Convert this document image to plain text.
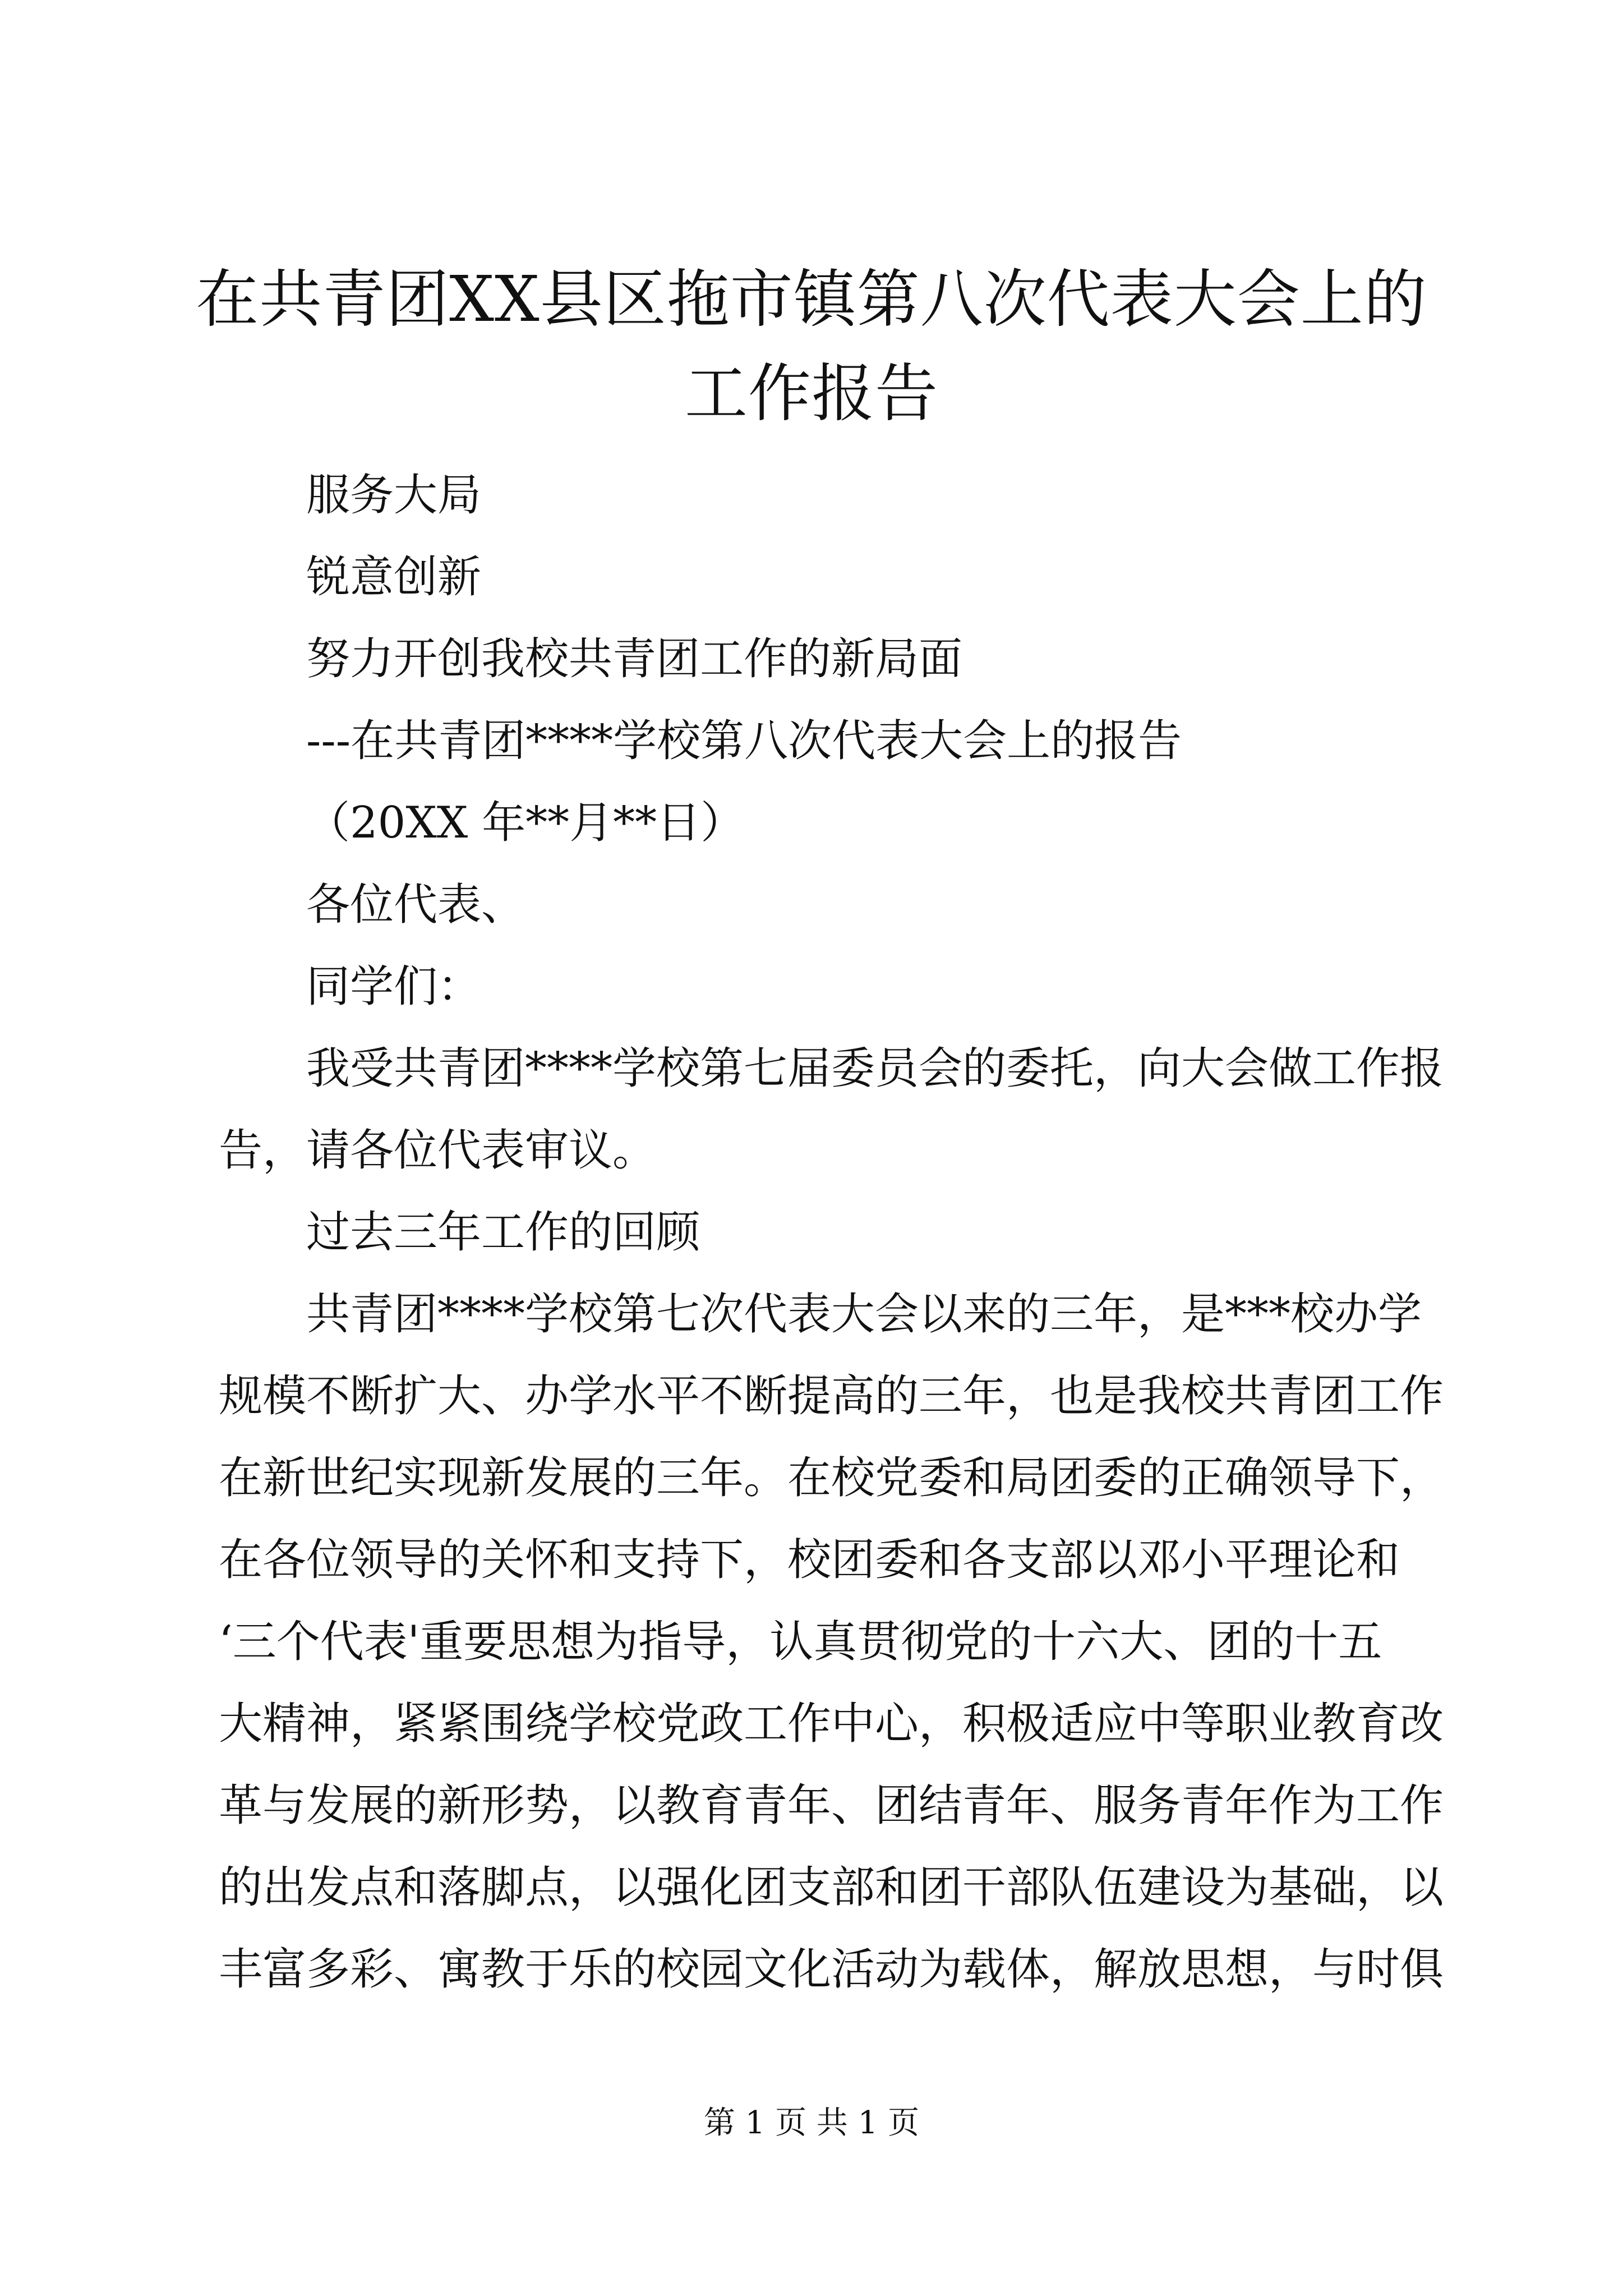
在共青团XX县区拖市镇第八次代表大会上的
工作报告

服务大局

锐意创新

努力开创我校共青团工作的新局面

---在共青团****学校第八次代表大会上的报告

（20XX 年**月**日）

各位代表、

同学们：

我受共青团****学校第七届委员会的委托，向大会做工作报

告，请各位代表审议。

过去三年工作的回顾

共青团****学校第七次代表大会以来的三年，是***校办学

规模不断扩大、办学水平不断提高的三年，也是我校共青团工作

在新世纪实现新发展的三年。在校党委和局团委的正确领导下，

在各位领导的关怀和支持下，校团委和各支部以邓小平理论和

‘三个代表'重要思想为指导，认真贯彻党的十六大、团的十五

大精神，紧紧围绕学校党政工作中心，积极适应中等职业教育改

革与发展的新形势，以教育青年、团结青年、服务青年作为工作

的出发点和落脚点，以强化团支部和团干部队伍建设为基础，以

丰富多彩、寓教于乐的校园文化活动为载体，解放思想，与时俱

第 1 页 共 1 页
